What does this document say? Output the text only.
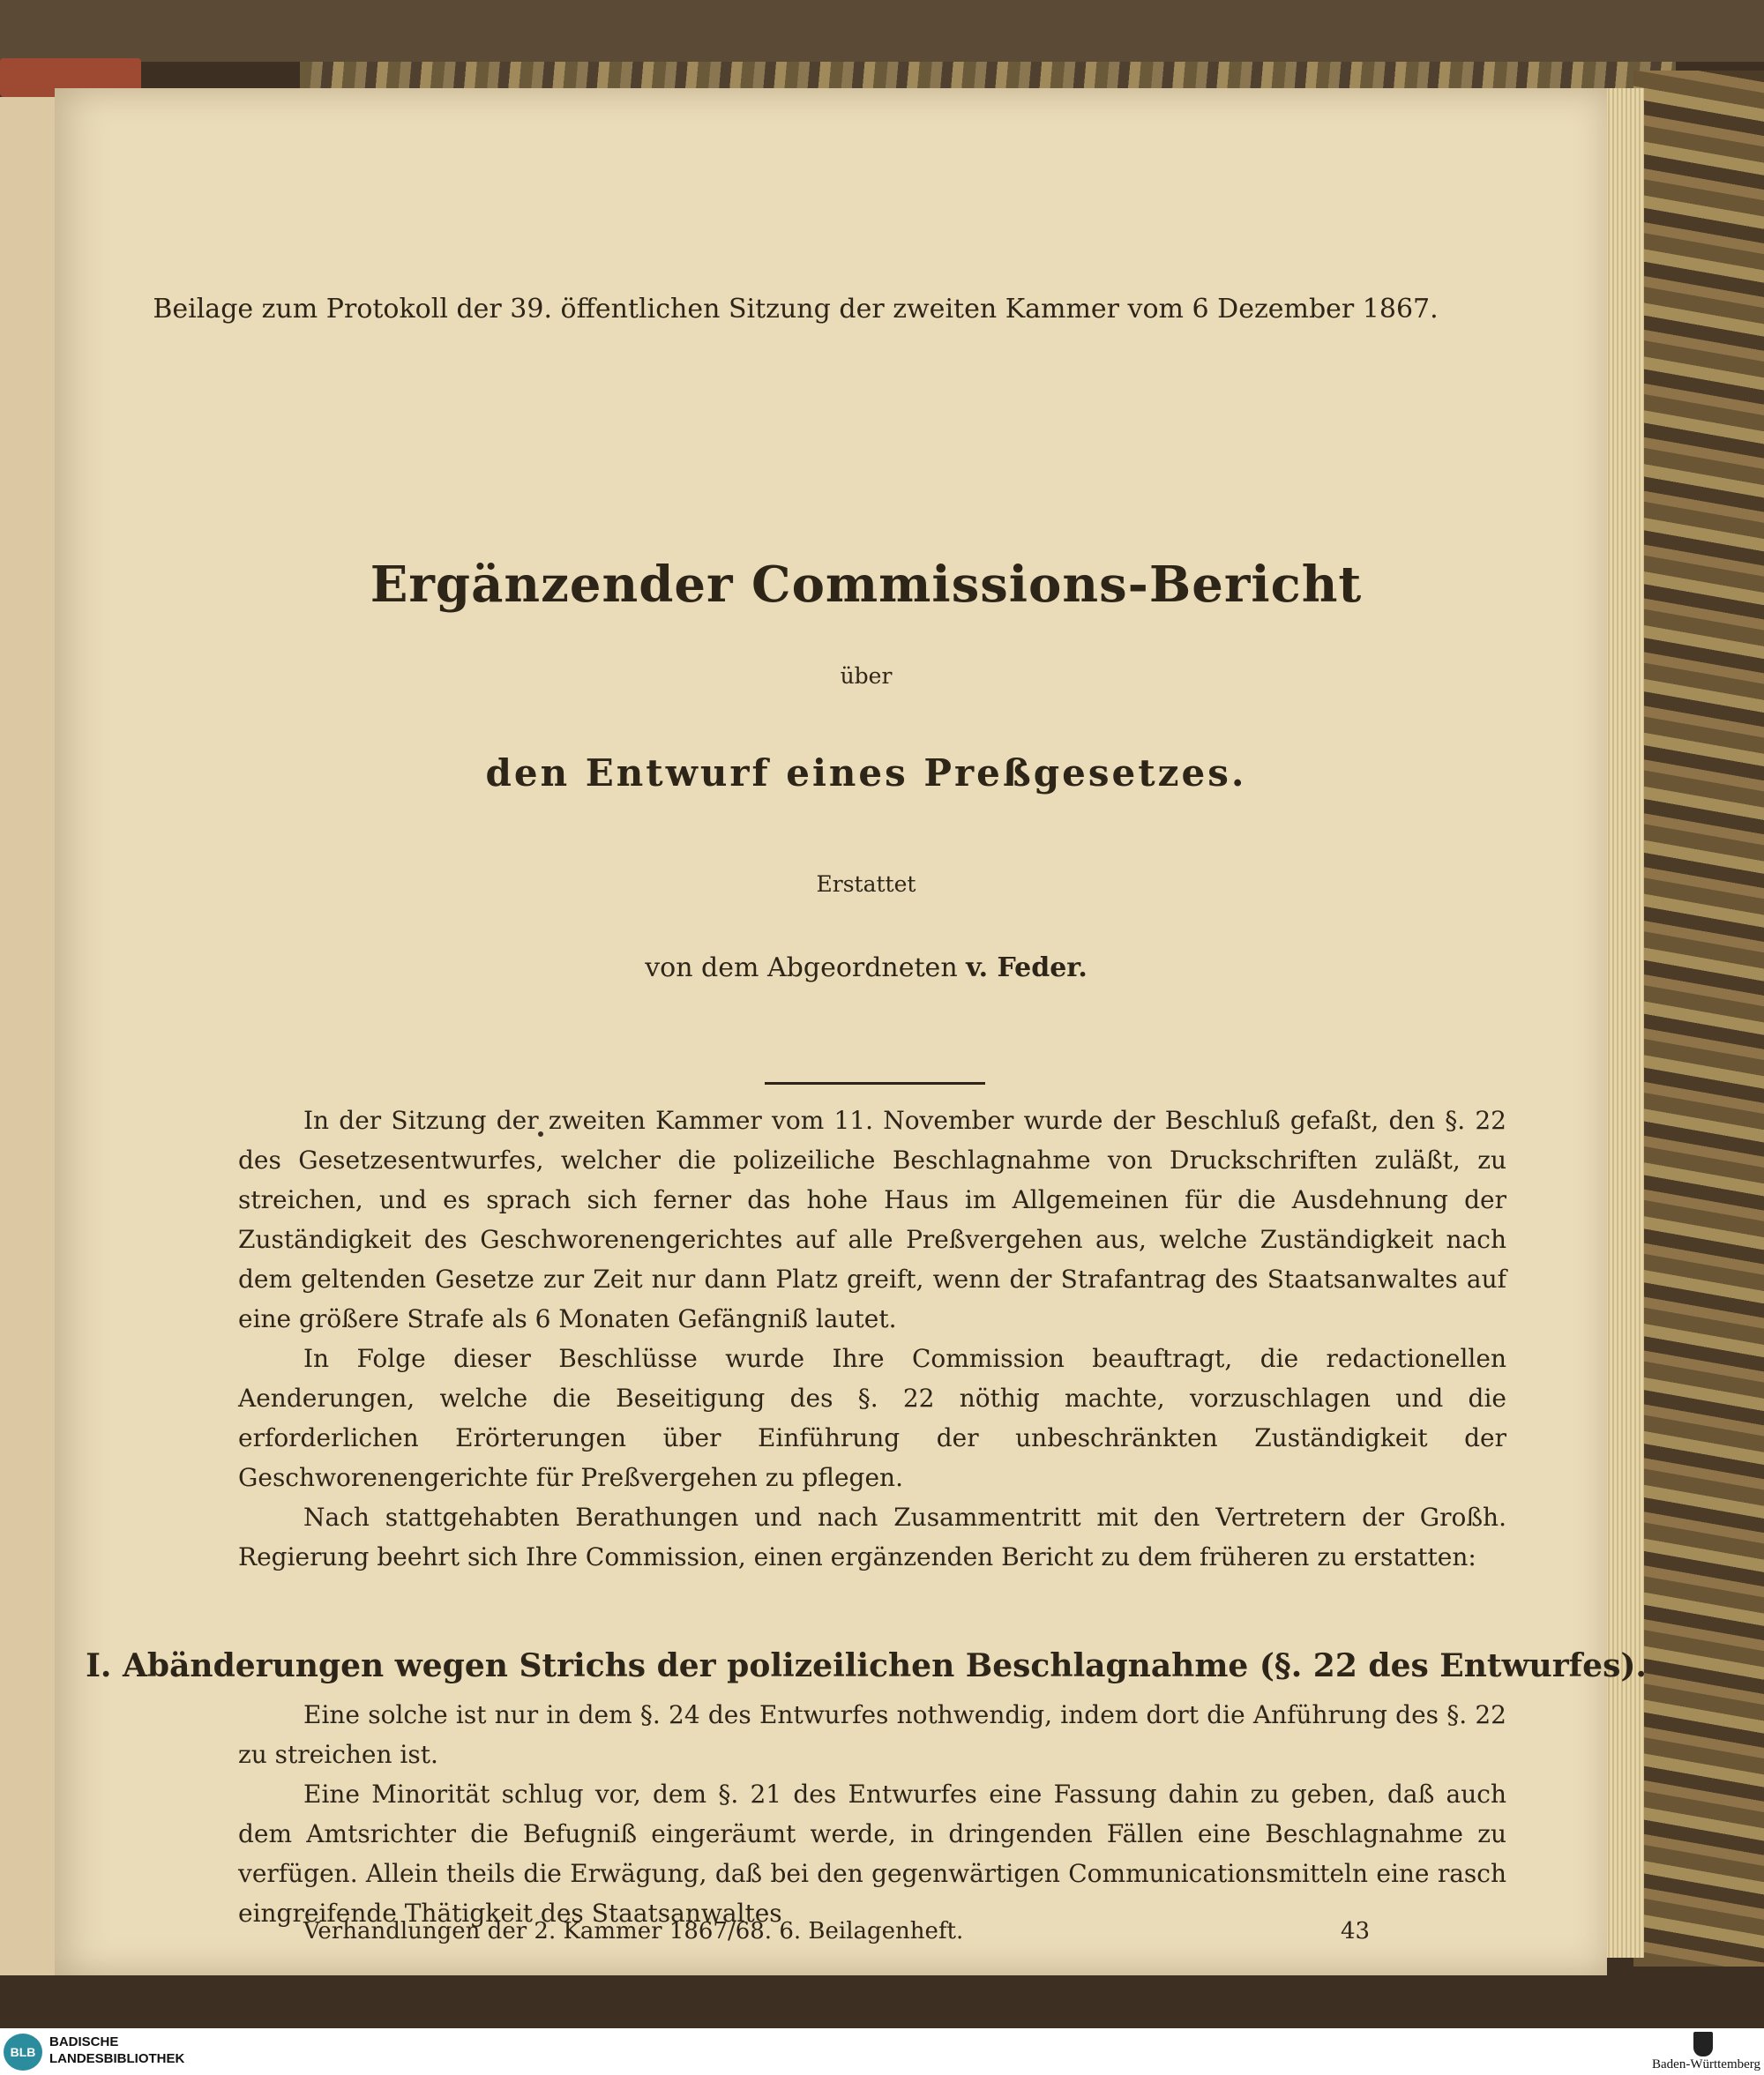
Beilage zum Protokoll der 39. öffentlichen Sitzung der zweiten Kammer vom 6 Dezember 1867.
Ergänzender Commissions-Bericht
über
den Entwurf eines Preßgesetzes.
Erstattet
von dem Abgeordneten v. Feder.

In der Sitzung der zweiten Kammer vom 11. November wurde der Beschluß gefaßt, den §. 22 des Gesetzesentwurfes, welcher die polizeiliche Beschlagnahme von Druckschriften zuläßt, zu streichen, und es sprach sich ferner das hohe Haus im Allgemeinen für die Ausdehnung der Zuständigkeit des Geschworenengerichtes auf alle Preßvergehen aus, welche Zuständigkeit nach dem geltenden Gesetze zur Zeit nur dann Platz greift, wenn der Strafantrag des Staatsanwaltes auf eine größere Strafe als 6 Monaten Gefängniß lautet.

In Folge dieser Beschlüsse wurde Ihre Commission beauftragt, die redactionellen Aenderungen, welche die Beseitigung des §. 22 nöthig machte, vorzuschlagen und die erforderlichen Erörterungen über Einführung der unbeschränkten Zuständigkeit der Geschworenengerichte für Preßvergehen zu pflegen.

Nach stattgehabten Berathungen und nach Zusammentritt mit den Vertretern der Großh. Regierung beehrt sich Ihre Commission, einen ergänzenden Bericht zu dem früheren zu erstatten:

I. Abänderungen wegen Strichs der polizeilichen Beschlagnahme (§. 22 des Entwurfes).

Eine solche ist nur in dem §. 24 des Entwurfes nothwendig, indem dort die Anführung des §. 22 zu streichen ist.

Eine Minorität schlug vor, dem §. 21 des Entwurfes eine Fassung dahin zu geben, daß auch dem Amtsrichter die Befugniß eingeräumt werde, in dringenden Fällen eine Beschlagnahme zu verfügen. Allein theils die Erwägung, daß bei den gegenwärtigen Communicationsmitteln eine rasch eingreifende Thätigkeit des Staatsanwaltes

Verhandlungen der 2. Kammer 1867/68. 6. Beilagenheft.	43
BLB
BADISCHE
LANDESBIBLIOTHEK	Baden-Württemberg
